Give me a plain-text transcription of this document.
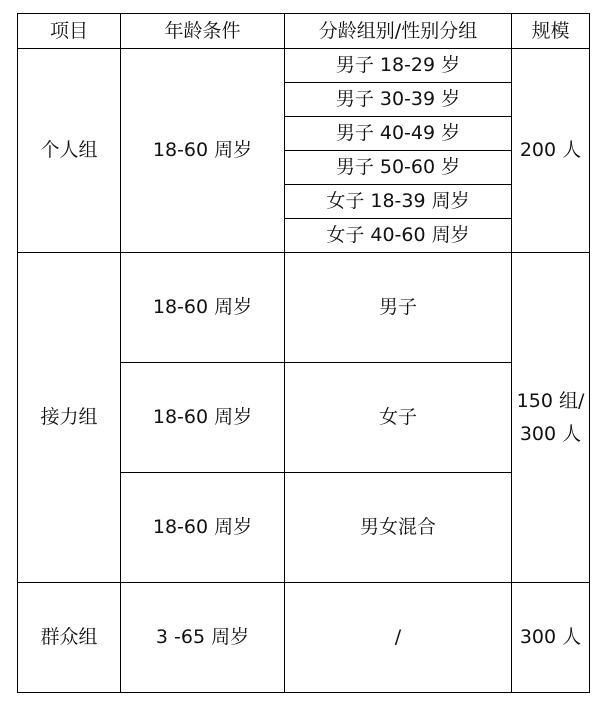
项目	年龄条件	分龄组别/性别分组	规模
个人组	18-60 周岁	男子 18-29 岁	200 人
		男子 30-39 岁	
		男子 40-49 岁	
		男子 50-60 岁	
		女子 18-39 周岁	
		女子 40-60 周岁	
接力组	18-60 周岁	男子	150 组/300 人
	18-60 周岁	女子	
	18-60 周岁	男女混合	
群众组	3 -65 周岁	/	300 人
